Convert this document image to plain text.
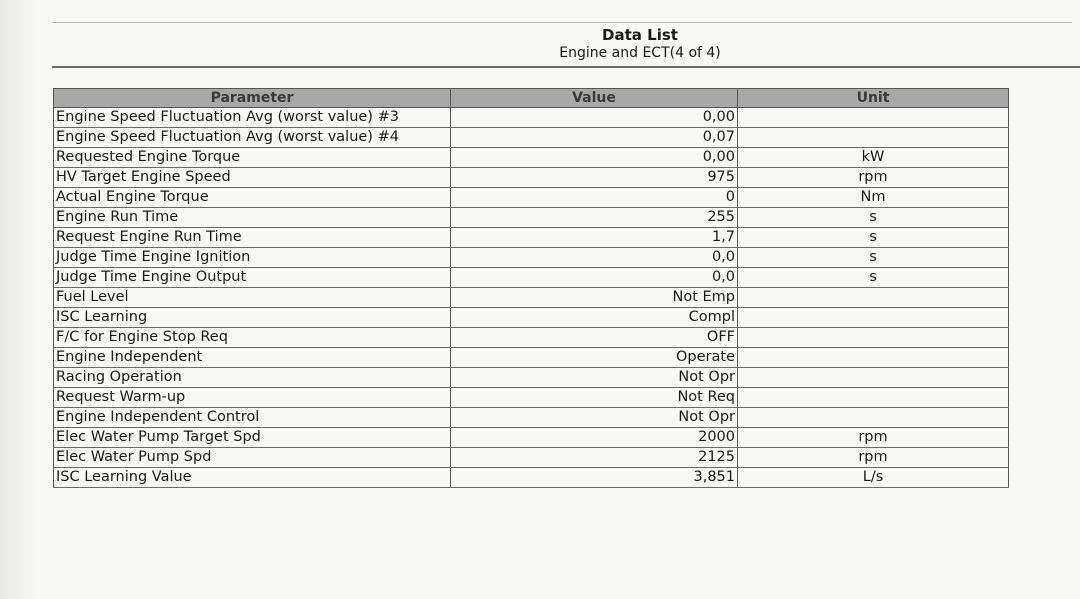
Data List
Engine and ECT(4 of 4)
Parameter	Value	Unit
Engine Speed Fluctuation Avg (worst value) #3	0,00	
Engine Speed Fluctuation Avg (worst value) #4	0,07	
Requested Engine Torque	0,00	kW
HV Target Engine Speed	975	rpm
Actual Engine Torque	0	Nm
Engine Run Time	255	s
Request Engine Run Time	1,7	s
Judge Time Engine Ignition	0,0	s
Judge Time Engine Output	0,0	s
Fuel Level	Not Emp	
ISC Learning	Compl	
F/C for Engine Stop Req	OFF	
Engine Independent	Operate	
Racing Operation	Not Opr	
Request Warm-up	Not Req	
Engine Independent Control	Not Opr	
Elec Water Pump Target Spd	2000	rpm
Elec Water Pump Spd	2125	rpm
ISC Learning Value	3,851	L/s
